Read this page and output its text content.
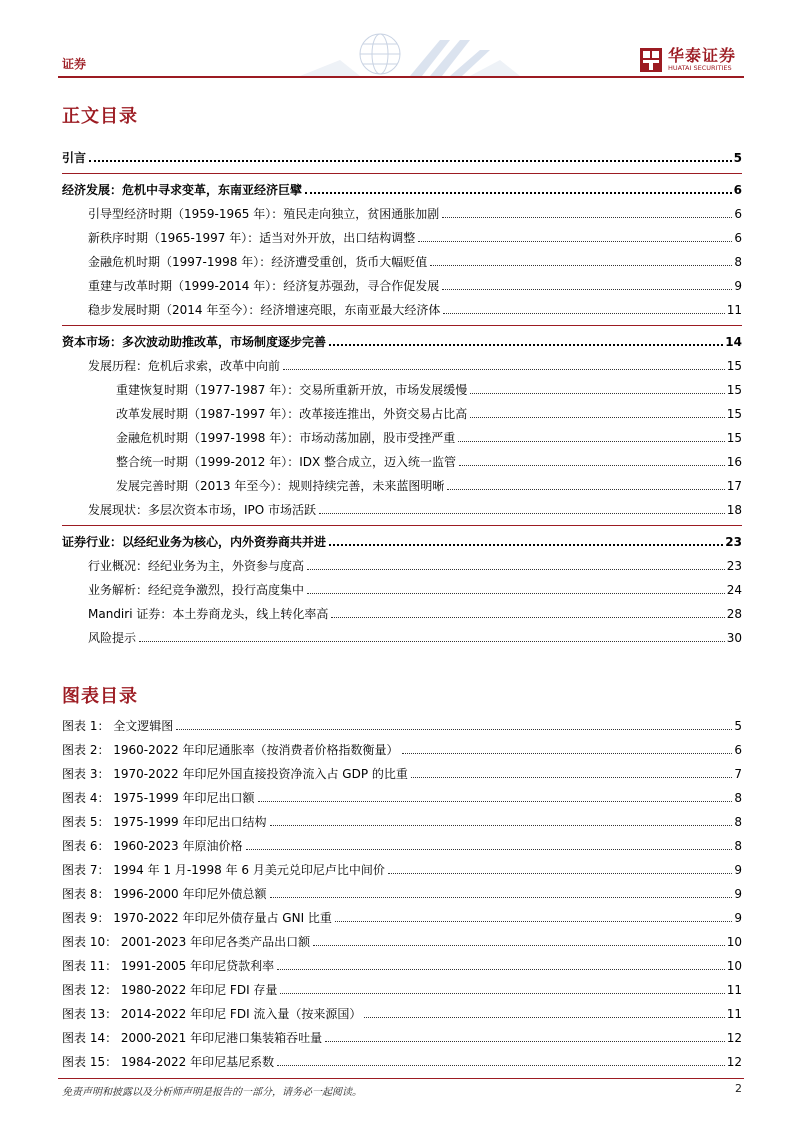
证券	华泰证券
HUATAI SECURITIES
正文目录
引言	5
经济发展：危机中寻求变革，东南亚经济巨擘	6
引导型经济时期（1959-1965 年）：殖民走向独立，贫困通胀加剧	6
新秩序时期（1965-1997 年）：适当对外开放，出口结构调整	6
金融危机时期（1997-1998 年）：经济遭受重创，货币大幅贬值	8
重建与改革时期（1999-2014 年）：经济复苏强劲，寻合作促发展	9
稳步发展时期（2014 年至今）：经济增速亮眼，东南亚最大经济体	11
资本市场：多次波动助推改革，市场制度逐步完善	14
发展历程：危机后求索，改革中向前	15
重建恢复时期（1977-1987 年）：交易所重新开放，市场发展缓慢	15
改革发展时期（1987-1997 年）：改革接连推出，外资交易占比高	15
金融危机时期（1997-1998 年）：市场动荡加剧，股市受挫严重	15
整合统一时期（1999-2012 年）：IDX 整合成立，迈入统一监管	16
发展完善时期（2013 年至今）：规则持续完善，未来蓝图明晰	17
发展现状：多层次资本市场，IPO 市场活跃	18
证券行业：以经纪业务为核心，内外资券商共并进	23
行业概况：经纪业务为主，外资参与度高	23
业务解析：经纪竞争激烈，投行高度集中	24
Mandiri 证券：本土券商龙头，线上转化率高	28
风险提示	30
图表目录
图表 1： 全文逻辑图	5
图表 2： 1960-2022 年印尼通胀率（按消费者价格指数衡量）	6
图表 3： 1970-2022 年印尼外国直接投资净流入占 GDP 的比重	7
图表 4： 1975-1999 年印尼出口额	8
图表 5： 1975-1999 年印尼出口结构	8
图表 6： 1960-2023 年原油价格	8
图表 7： 1994 年 1 月-1998 年 6 月美元兑印尼卢比中间价	9
图表 8： 1996-2000 年印尼外债总额	9
图表 9： 1970-2022 年印尼外债存量占 GNI 比重	9
图表 10： 2001-2023 年印尼各类产品出口额	10
图表 11： 1991-2005 年印尼贷款利率	10
图表 12： 1980-2022 年印尼 FDI 存量	11
图表 13： 2014-2022 年印尼 FDI 流入量（按来源国）	11
图表 14： 2000-2021 年印尼港口集装箱吞吐量	12
图表 15： 1984-2022 年印尼基尼系数	12
免责声明和披露以及分析师声明是报告的一部分，请务必一起阅读。	2
